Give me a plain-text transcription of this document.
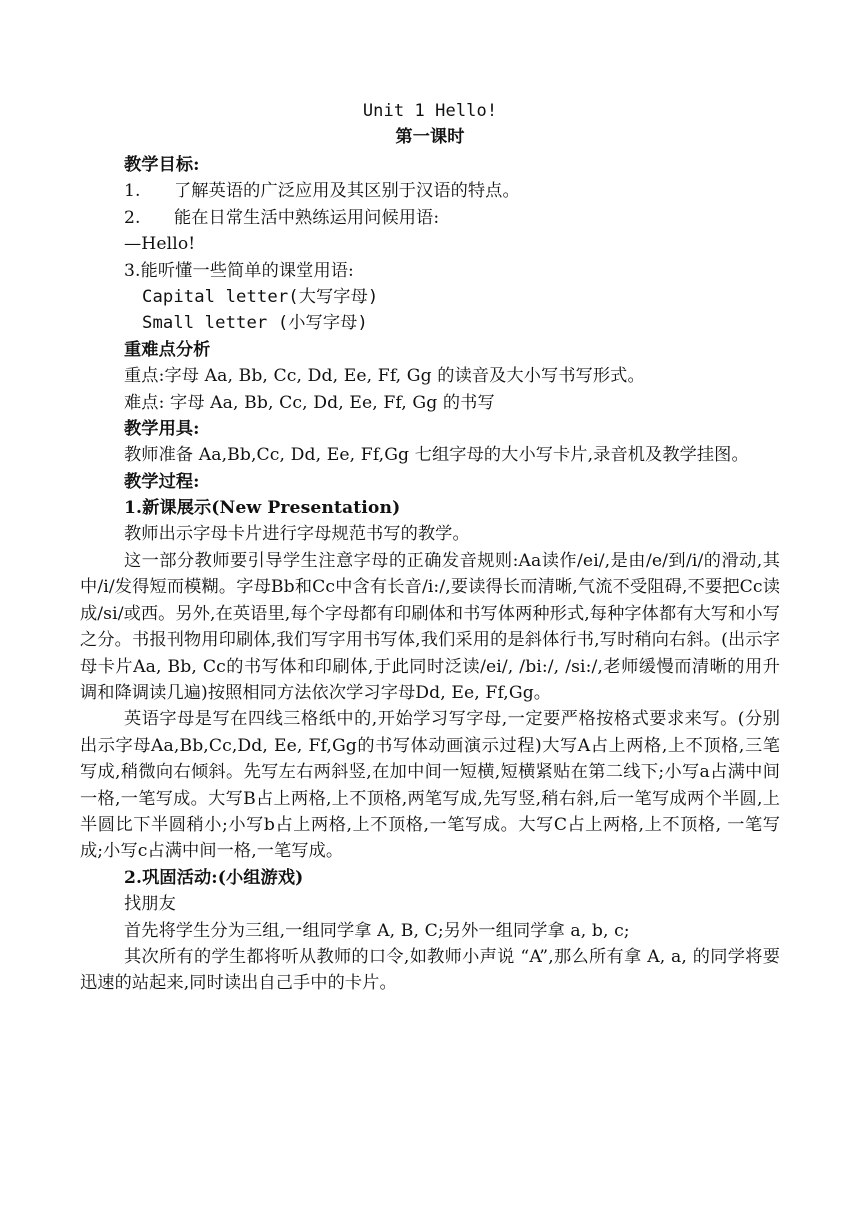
Unit 1 Hello!
第一课时
教学目标:
1. 了解英语的广泛应用及其区别于汉语的特点。
2. 能在日常生活中熟练运用问候用语:
—Hello!
3.能听懂一些简单的课堂用语:
Capital letter(大写字母)
Small letter (小写字母)
重难点分析
重点:字母 Aa, Bb, Cc, Dd, Ee, Ff, Gg 的读音及大小写书写形式。
难点: 字母 Aa, Bb, Cc, Dd, Ee, Ff, Gg 的书写
教学用具:
教师准备 Aa,Bb,Cc, Dd, Ee, Ff,Gg 七组字母的大小写卡片,录音机及教学挂图。
教学过程:
1.新课展示(New Presentation)
教师出示字母卡片进行字母规范书写的教学。
这一部分教师要引导学生注意字母的正确发音规则:Aa读作/ei/,是由/e/到/i/的滑动,其中/i/发得短而模糊。字母Bb和Cc中含有长音/i:/,要读得长而清晰,气流不受阻碍,不要把Cc读成/si/或西。另外,在英语里,每个字母都有印刷体和书写体两种形式,每种字体都有大写和小写之分。书报刊物用印刷体,我们写字用书写体,我们采用的是斜体行书,写时稍向右斜。(出示字母卡片Aa, Bb, Cc的书写体和印刷体,于此同时泛读/ei/, /bi:/, /si:/,老师缓慢而清晰的用升调和降调读几遍)按照相同方法依次学习字母Dd, Ee, Ff,Gg。
英语字母是写在四线三格纸中的,开始学习写字母,一定要严格按格式要求来写。(分别出示字母Aa,Bb,Cc,Dd, Ee, Ff,Gg的书写体动画演示过程)大写A占上两格,上不顶格,三笔写成,稍微向右倾斜。先写左右两斜竖,在加中间一短横,短横紧贴在第二线下;小写a占满中间一格,一笔写成。大写B占上两格,上不顶格,两笔写成,先写竖,稍右斜,后一笔写成两个半圆,上半圆比下半圆稍小;小写b占上两格,上不顶格,一笔写成。大写C占上两格,上不顶格, 一笔写成;小写c占满中间一格,一笔写成。
2.巩固活动:(小组游戏)
找朋友
首先将学生分为三组,一组同学拿 A, B, C;另外一组同学拿 a, b, c;
其次所有的学生都将听从教师的口令,如教师小声说 “A”,那么所有拿 A, a, 的同学将要迅速的站起来,同时读出自己手中的卡片。
